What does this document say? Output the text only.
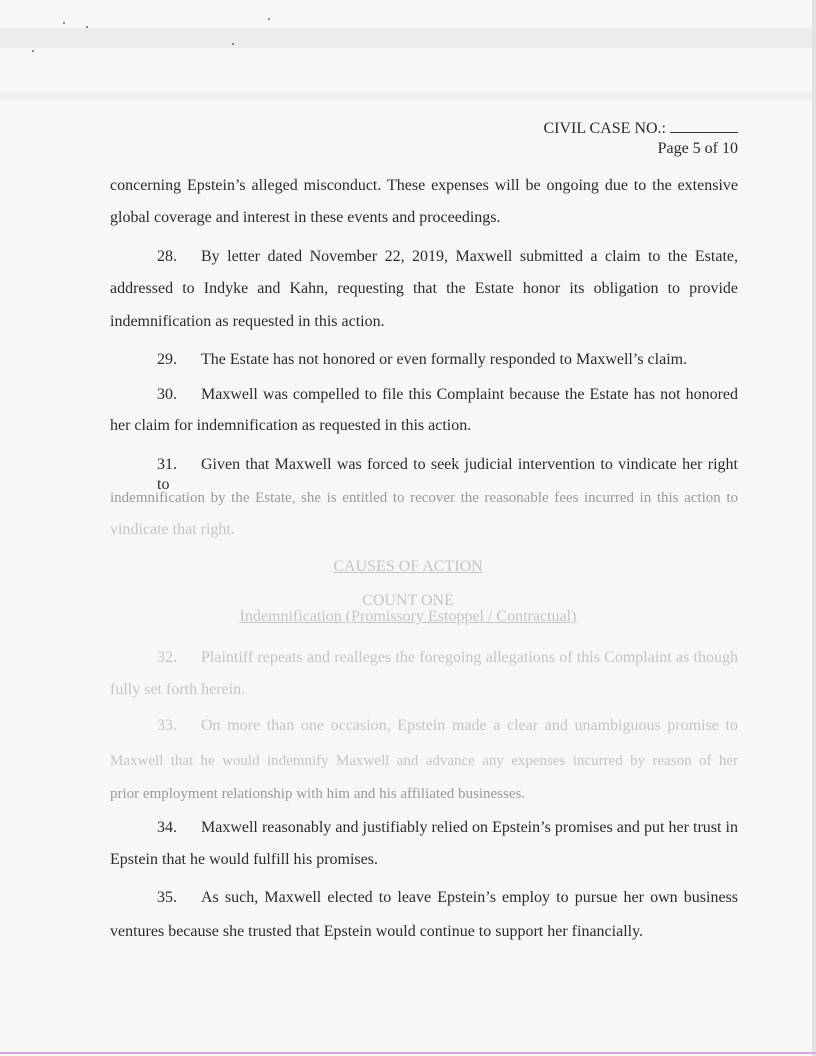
CIVIL CASE NO.:
Page 5 of 10
concerning Epstein’s alleged misconduct. These expenses will be ongoing due to the extensive
global coverage and interest in these events and proceedings.
28. By letter dated November 22, 2019, Maxwell submitted a claim to the Estate,
addressed to Indyke and Kahn, requesting that the Estate honor its obligation to provide
indemnification as requested in this action.
29. The Estate has not honored or even formally responded to Maxwell’s claim.
30. Maxwell was compelled to file this Complaint because the Estate has not honored
her claim for indemnification as requested in this action.
31. Given that Maxwell was forced to seek judicial intervention to vindicate her right to
indemnification by the Estate, she is entitled to recover the reasonable fees incurred in this action to
vindicate that right.
CAUSES OF ACTION
COUNT ONE
Indemnification (Promissory Estoppel / Contractual)
32. Plaintiff repeats and realleges the foregoing allegations of this Complaint as though
fully set forth herein.
33. On more than one occasion, Epstein made a clear and unambiguous promise to
Maxwell that he would indemnify Maxwell and advance any expenses incurred by reason of her
prior employment relationship with him and his affiliated businesses.
34. Maxwell reasonably and justifiably relied on Epstein’s promises and put her trust in
Epstein that he would fulfill his promises.
35. As such, Maxwell elected to leave Epstein’s employ to pursue her own business
ventures because she trusted that Epstein would continue to support her financially.
